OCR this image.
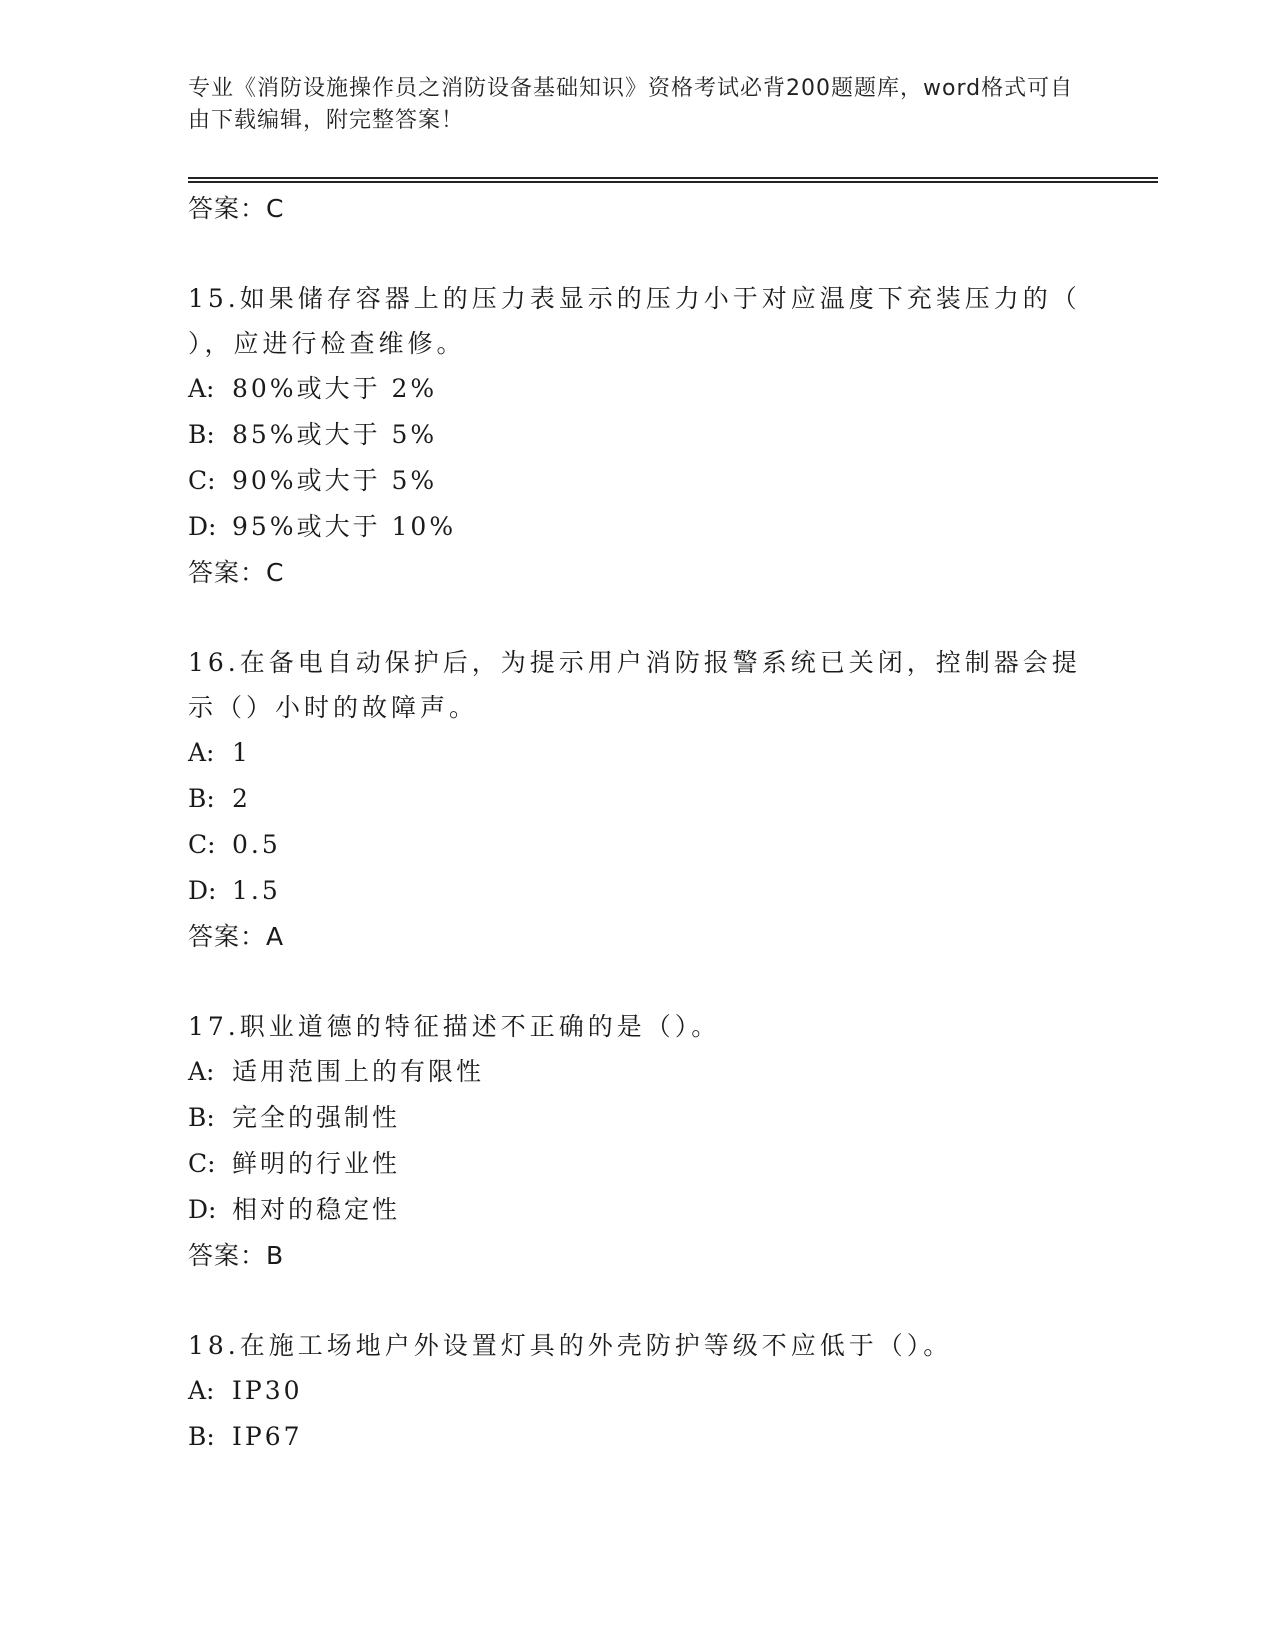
专业《消防设施操作员之消防设备基础知识》资格考试必背200题题库，word格式可自由下载编辑，附完整答案！
答案：C
15.如果储存容器上的压力表显示的压力小于对应温度下充装压力的（ ），应进行检查维修。
A: 80%或大于 2%
B: 85%或大于 5%
C: 90%或大于 5%
D: 95%或大于 10%
答案：C
16.在备电自动保护后，为提示用户消防报警系统已关闭，控制器会提示（）小时的故障声。
A: 1
B: 2
C: 0.5
D: 1.5
答案：A
17.职业道德的特征描述不正确的是（）。
A: 适用范围上的有限性
B: 完全的强制性
C: 鲜明的行业性
D: 相对的稳定性
答案：B
18.在施工场地户外设置灯具的外壳防护等级不应低于（）。
A: IP30
B: IP67
